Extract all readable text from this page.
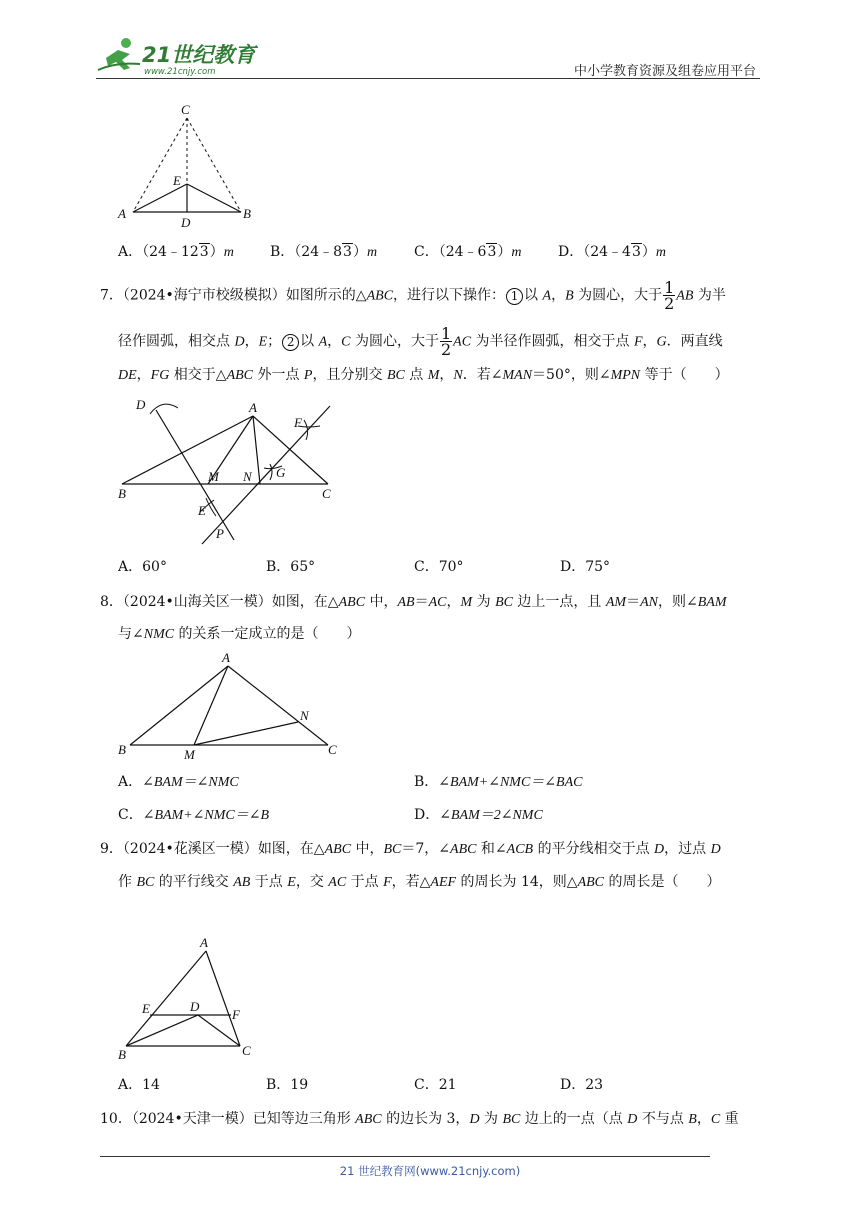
21世纪教育
www.21cnjy.com	中小学教育资源及组卷应用平台
C
E
A
D
B
A．（24﹣123）m	B．（24﹣83）m	C．（24﹣63）m	D．（24﹣43）m
7．（2024•海宁市校级模拟）如图所示的△ABC，进行以下操作： 1 以 A，B 为圆心，大于 $\frac{1}{2}$ AB 为半
径作圆弧，相交点 D，E； 2 以 A，C 为圆心，大于 $\frac{1}{2}$ AC 为半径作圆弧，相交于点 F，G．两直线
DE，FG 相交于△ABC 外一点 P，且分别交 BC 点 M，N．若∠MAN＝50°，则∠MPN 等于（　　）
D	A
F
G
B
M N
C
E
P
A．60°	B．65°	C．70°	D．75°
8．（2024•山海关区一模）如图，在△ABC 中，AB＝AC，M 为 BC 边上一点，且 AM＝AN，则∠BAM
与∠NMC 的关系一定成立的是（　　）
A
N
B	M	C
A．∠BAM＝∠NMC	B．∠BAM+∠NMC＝∠BAC
C．∠BAM+∠NMC＝∠B	D．∠BAM＝2∠NMC
9．（2024•花溪区一模）如图，在△ABC 中，BC＝7，∠ABC 和∠ACB 的平分线相交于点 D，过点 D
作 BC 的平行线交 AB 于点 E，交 AC 于点 F，若△AEF 的周长为 14，则△ABC 的周长是（　　）
A
E	D
F
B	C
A．14	B．19	C．21	D．23
10．（2024•天津一模）已知等边三角形 ABC 的边长为 3，D 为 BC 边上的一点（点 D 不与点 B，C 重
21 世纪教育网(www.21cnjy.com)
